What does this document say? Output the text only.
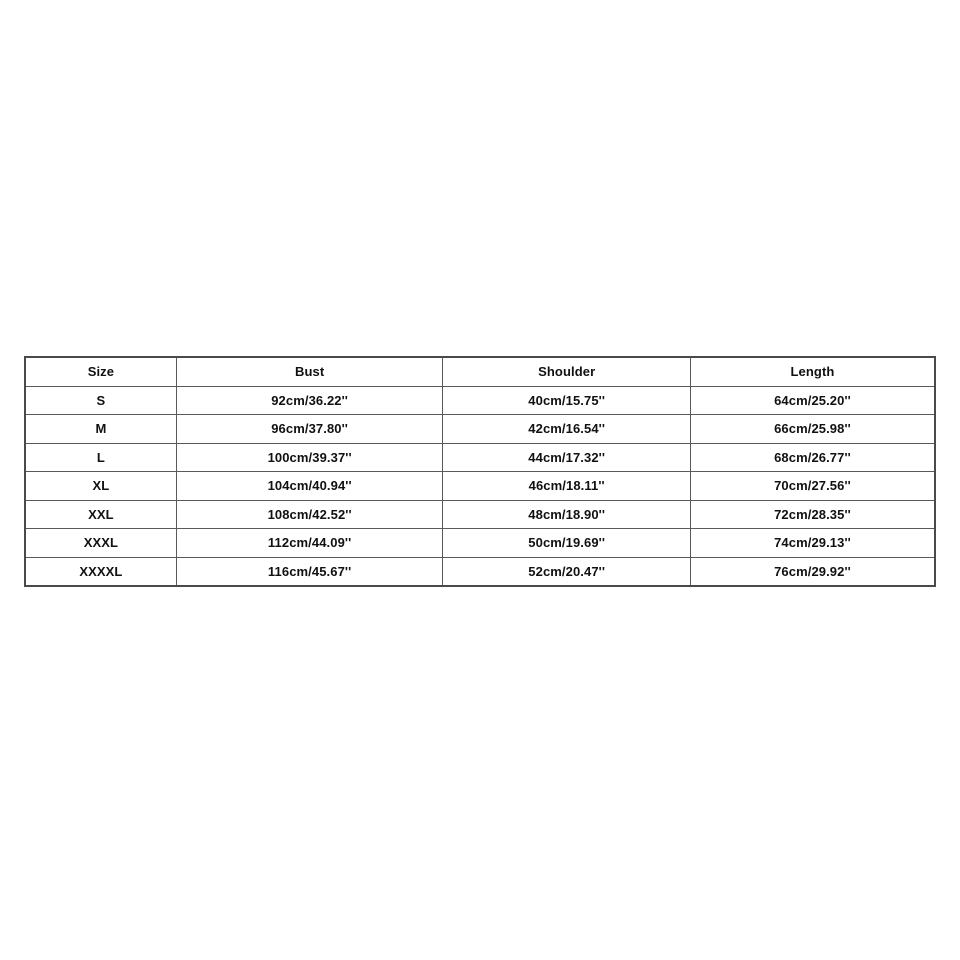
Size	Bust	Shoulder	Length
S	92cm/36.22''	40cm/15.75''	64cm/25.20''
M	96cm/37.80''	42cm/16.54''	66cm/25.98''
L	100cm/39.37''	44cm/17.32''	68cm/26.77''
XL	104cm/40.94''	46cm/18.11''	70cm/27.56''
XXL	108cm/42.52''	48cm/18.90''	72cm/28.35''
XXXL	112cm/44.09''	50cm/19.69''	74cm/29.13''
XXXXL	116cm/45.67''	52cm/20.47''	76cm/29.92''
